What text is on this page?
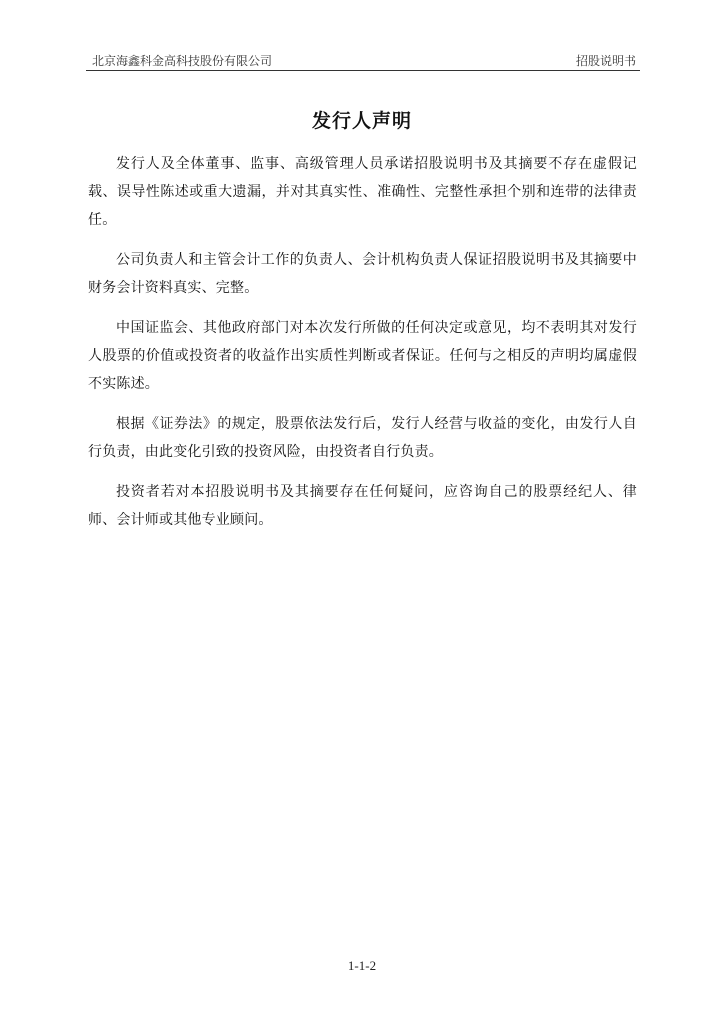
北京海鑫科金高科技股份有限公司	招股说明书
发行人声明

发行人及全体董事、监事、高级管理人员承诺招股说明书及其摘要不存在虚假记载、误导性陈述或重大遗漏，并对其真实性、准确性、完整性承担个别和连带的法律责任。

公司负责人和主管会计工作的负责人、会计机构负责人保证招股说明书及其摘要中财务会计资料真实、完整。

中国证监会、其他政府部门对本次发行所做的任何决定或意见，均不表明其对发行人股票的价值或投资者的收益作出实质性判断或者保证。任何与之相反的声明均属虚假不实陈述。

根据《证券法》的规定，股票依法发行后，发行人经营与收益的变化，由发行人自行负责，由此变化引致的投资风险，由投资者自行负责。

投资者若对本招股说明书及其摘要存在任何疑问，应咨询自己的股票经纪人、律师、会计师或其他专业顾问。

1-1-2
